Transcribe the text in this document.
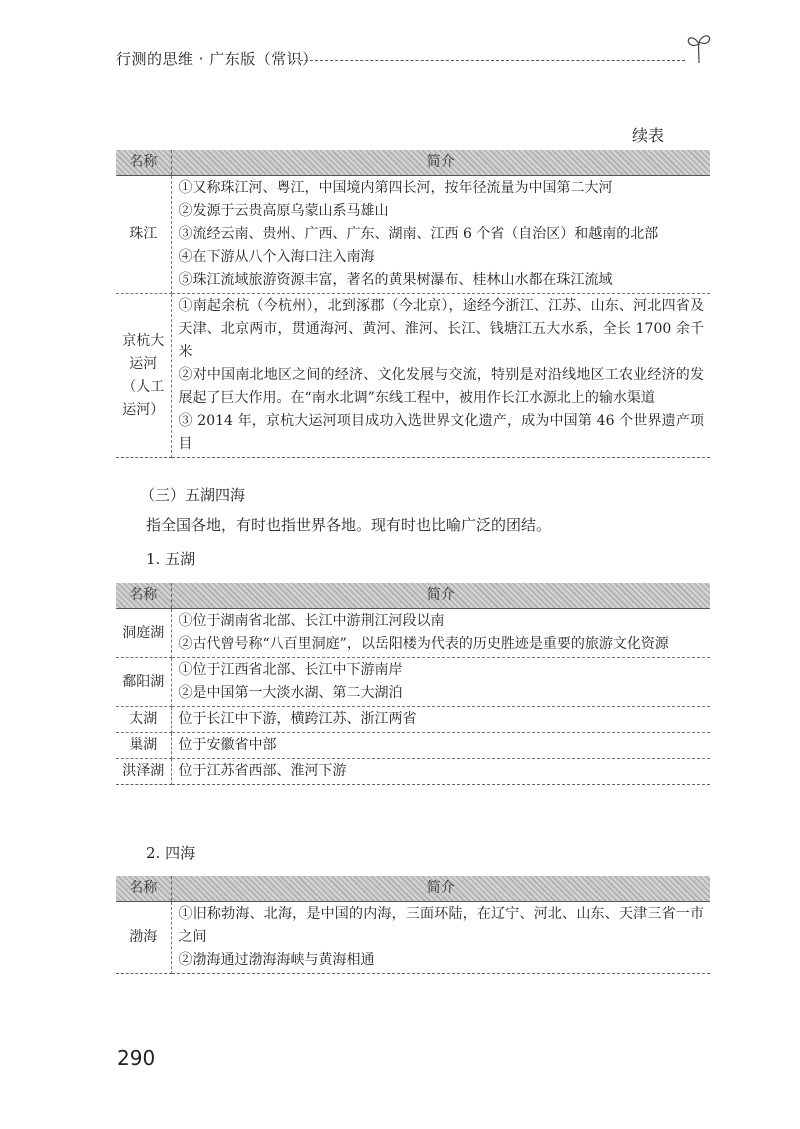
行测的思维 · 广东版（常识）
续表
名称	简介
珠江	①又称珠江河、粤江，中国境内第四长河，按年径流量为中国第二大河
②发源于云贵高原乌蒙山系马雄山
③流经云南、贵州、广西、广东、湖南、江西 6 个省（自治区）和越南的北部
④在下游从八个入海口注入南海
⑤珠江流域旅游资源丰富，著名的黄果树瀑布、桂林山水都在珠江流域

京杭大运河（人工运河）	①南起余杭（今杭州），北到涿郡（今北京），途经今浙江、江苏、山东、河北四省及天津、北京两市，贯通海河、黄河、淮河、长江、钱塘江五大水系，全长 1700 余千米
②对中国南北地区之间的经济、文化发展与交流，特别是对沿线地区工农业经济的发展起了巨大作用。在“南水北调”东线工程中，被用作长江水源北上的输水渠道
③ 2014 年，京杭大运河项目成功入选世界文化遗产，成为中国第 46 个世界遗产项目
（三）五湖四海
指全国各地，有时也指世界各地。现有时也比喻广泛的团结。
1. 五湖
名称	简介
洞庭湖	①位于湖南省北部、长江中游荆江河段以南
②古代曾号称“八百里洞庭”，以岳阳楼为代表的历史胜迹是重要的旅游文化资源

鄱阳湖	①位于江西省北部、长江中下游南岸
②是中国第一大淡水湖、第二大湖泊

太湖	位于长江中下游，横跨江苏、浙江两省

巢湖	位于安徽省中部

洪泽湖	位于江苏省西部、淮河下游
2. 四海
名称	简介
渤海	①旧称勃海、北海，是中国的内海，三面环陆，在辽宁、河北、山东、天津三省一市之间
②渤海通过渤海海峡与黄海相通
290
